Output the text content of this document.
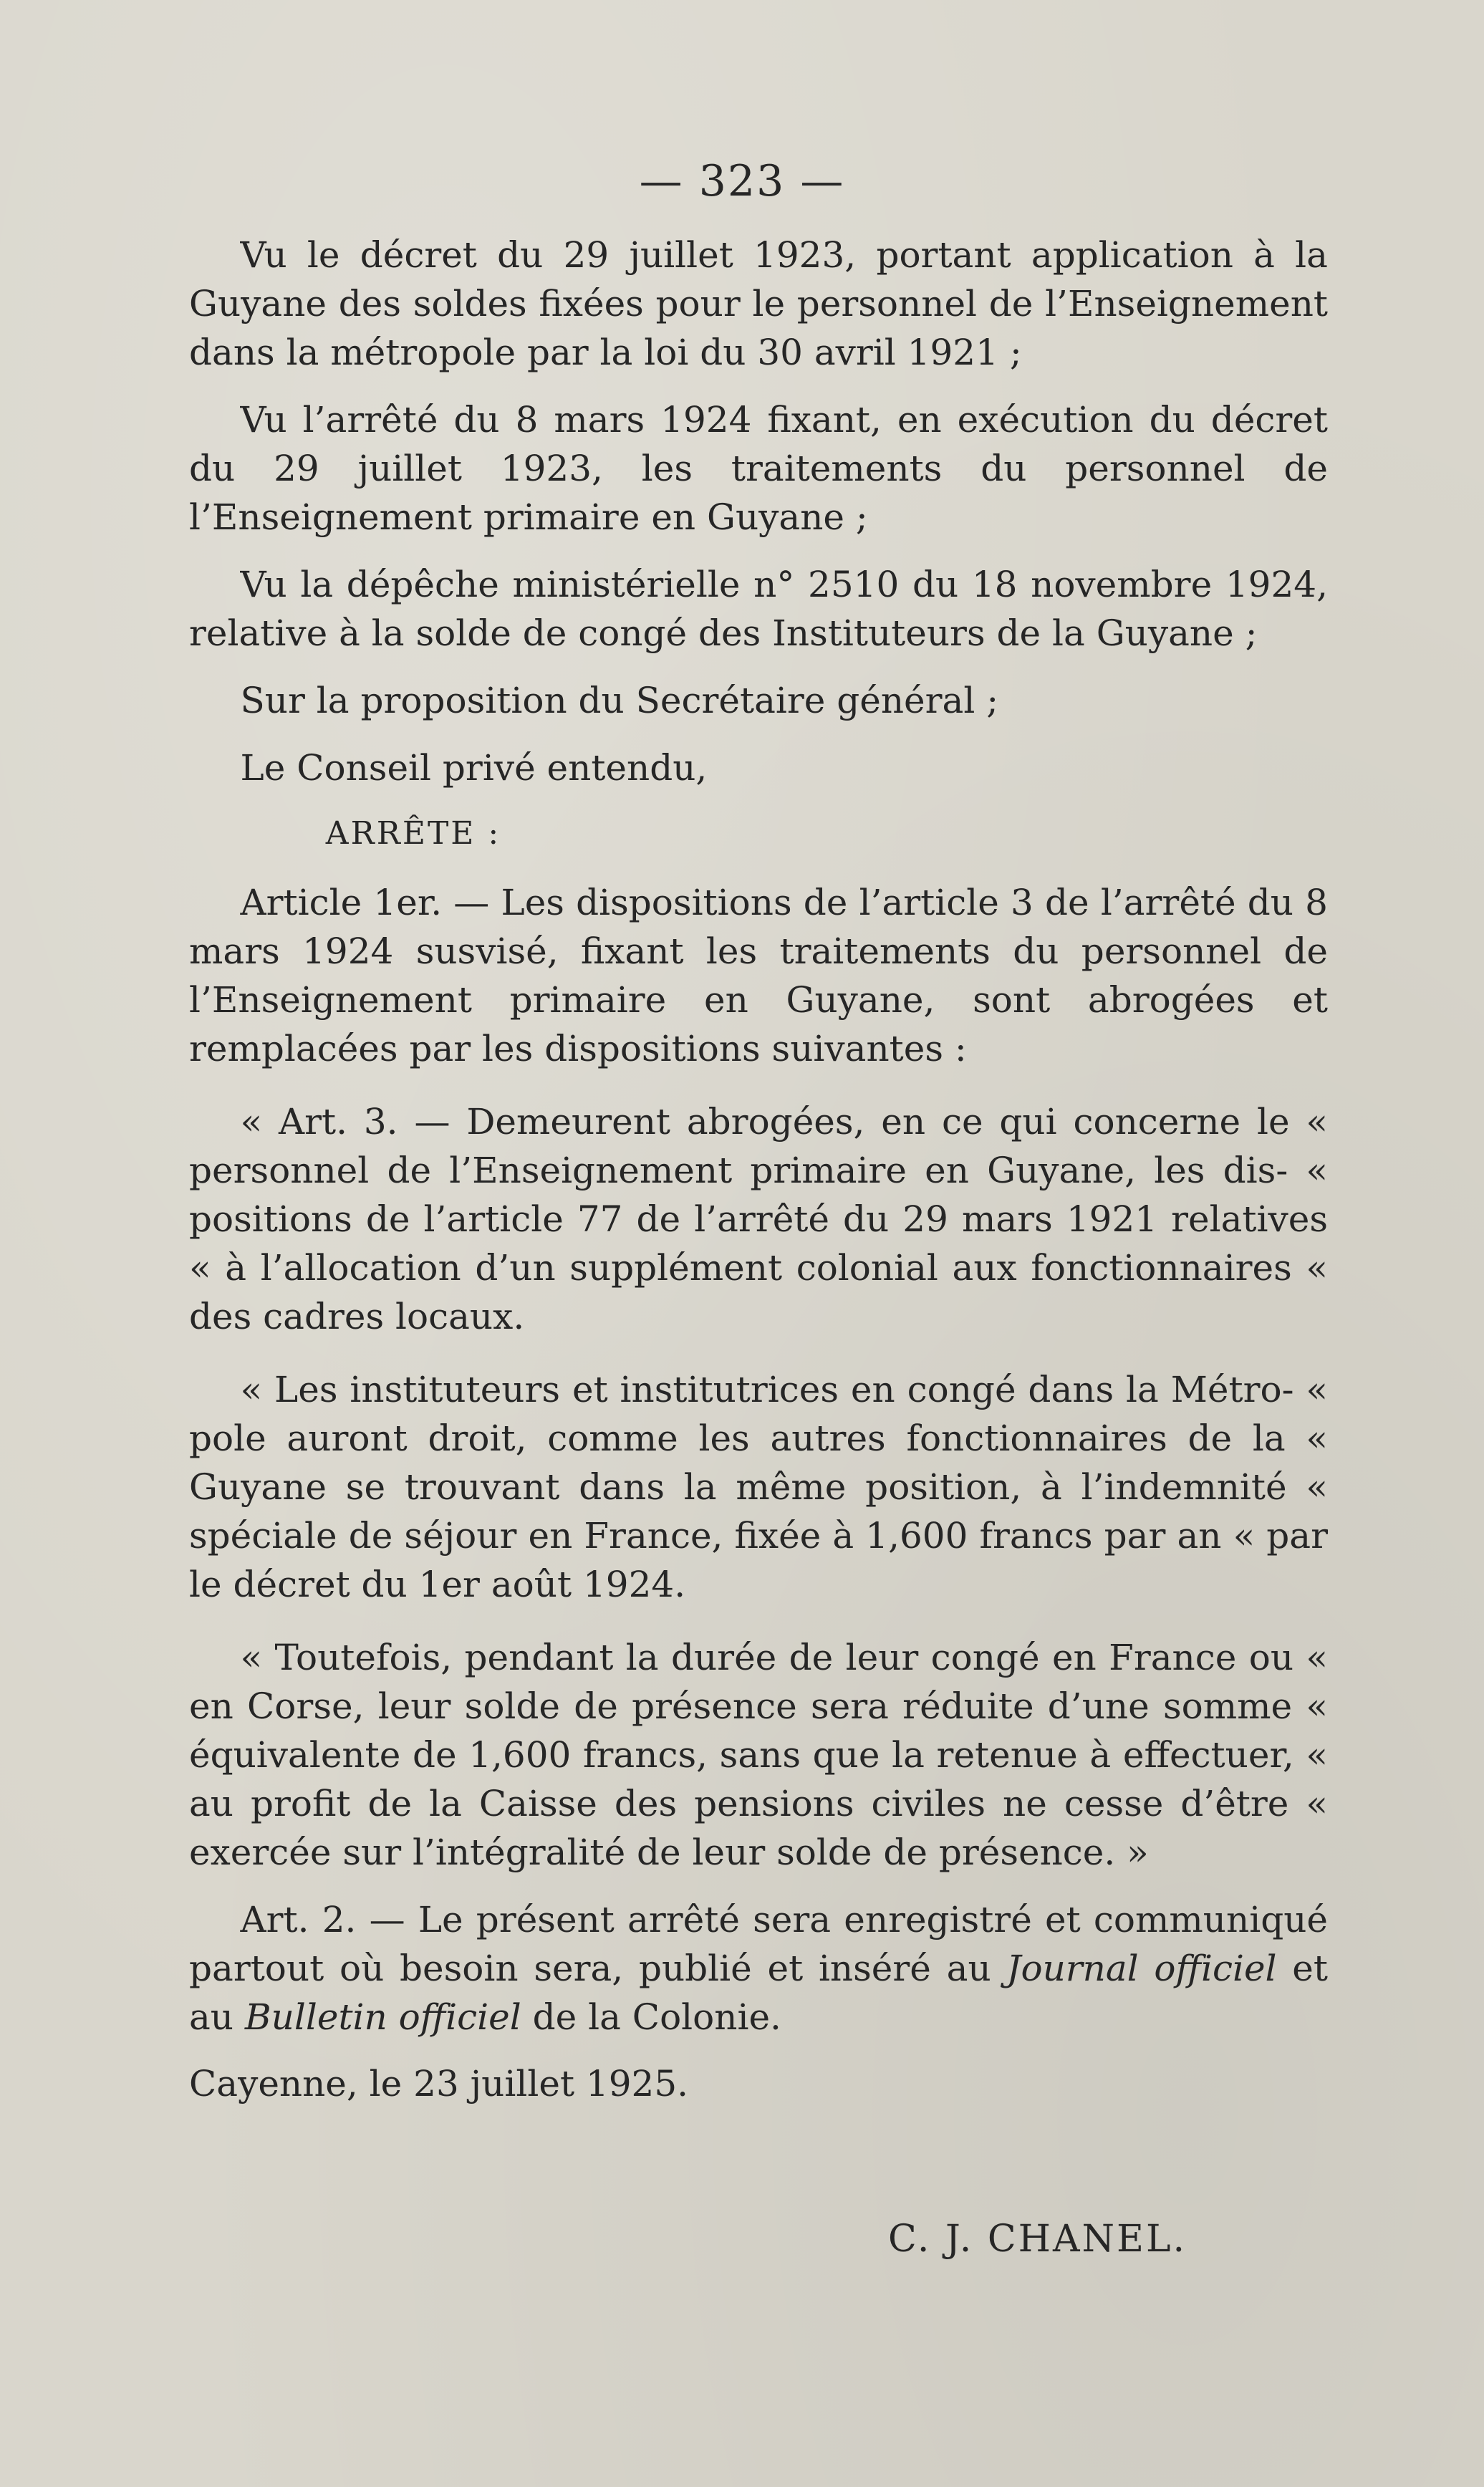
— 323 —

Vu le décret du 29 juillet 1923, portant application à la Guyane des soldes fixées pour le personnel de l’Enseignement dans la métropole par la loi du 30 avril 1921 ;

Vu l’arrêté du 8 mars 1924 fixant, en exécution du décret du 29 juillet 1923, les traitements du personnel de l’Enseignement primaire en Guyane ;

Vu la dépêche ministérielle n° 2510 du 18 novembre 1924, relative à la solde de congé des Instituteurs de la Guyane ;

Sur la proposition du Secrétaire général ;

Le Conseil privé entendu,

ARRÊTE :

Article 1er. — Les dispositions de l’article 3 de l’arrêté du 8 mars 1924 susvisé, fixant les traitements du personnel de l’Enseignement primaire en Guyane, sont abrogées et remplacées par les dispositions suivantes :

« Art. 3. — Demeurent abrogées, en ce qui concerne le « personnel de l’Enseignement primaire en Guyane, les dis- « positions de l’article 77 de l’arrêté du 29 mars 1921 relatives « à l’allocation d’un supplément colonial aux fonctionnaires « des cadres locaux.

« Les instituteurs et institutrices en congé dans la Métro- « pole auront droit, comme les autres fonctionnaires de la « Guyane se trouvant dans la même position, à l’indemnité « spéciale de séjour en France, fixée à 1,600 francs par an « par le décret du 1er août 1924.

« Toutefois, pendant la durée de leur congé en France ou « en Corse, leur solde de présence sera réduite d’une somme « équivalente de 1,600 francs, sans que la retenue à effectuer, « au profit de la Caisse des pensions civiles ne cesse d’être « exercée sur l’intégralité de leur solde de présence. »

Art. 2. — Le présent arrêté sera enregistré et communiqué partout où besoin sera, publié et inséré au Journal officiel et au Bulletin officiel de la Colonie.

Cayenne, le 23 juillet 1925.
C. J. CHANEL.
